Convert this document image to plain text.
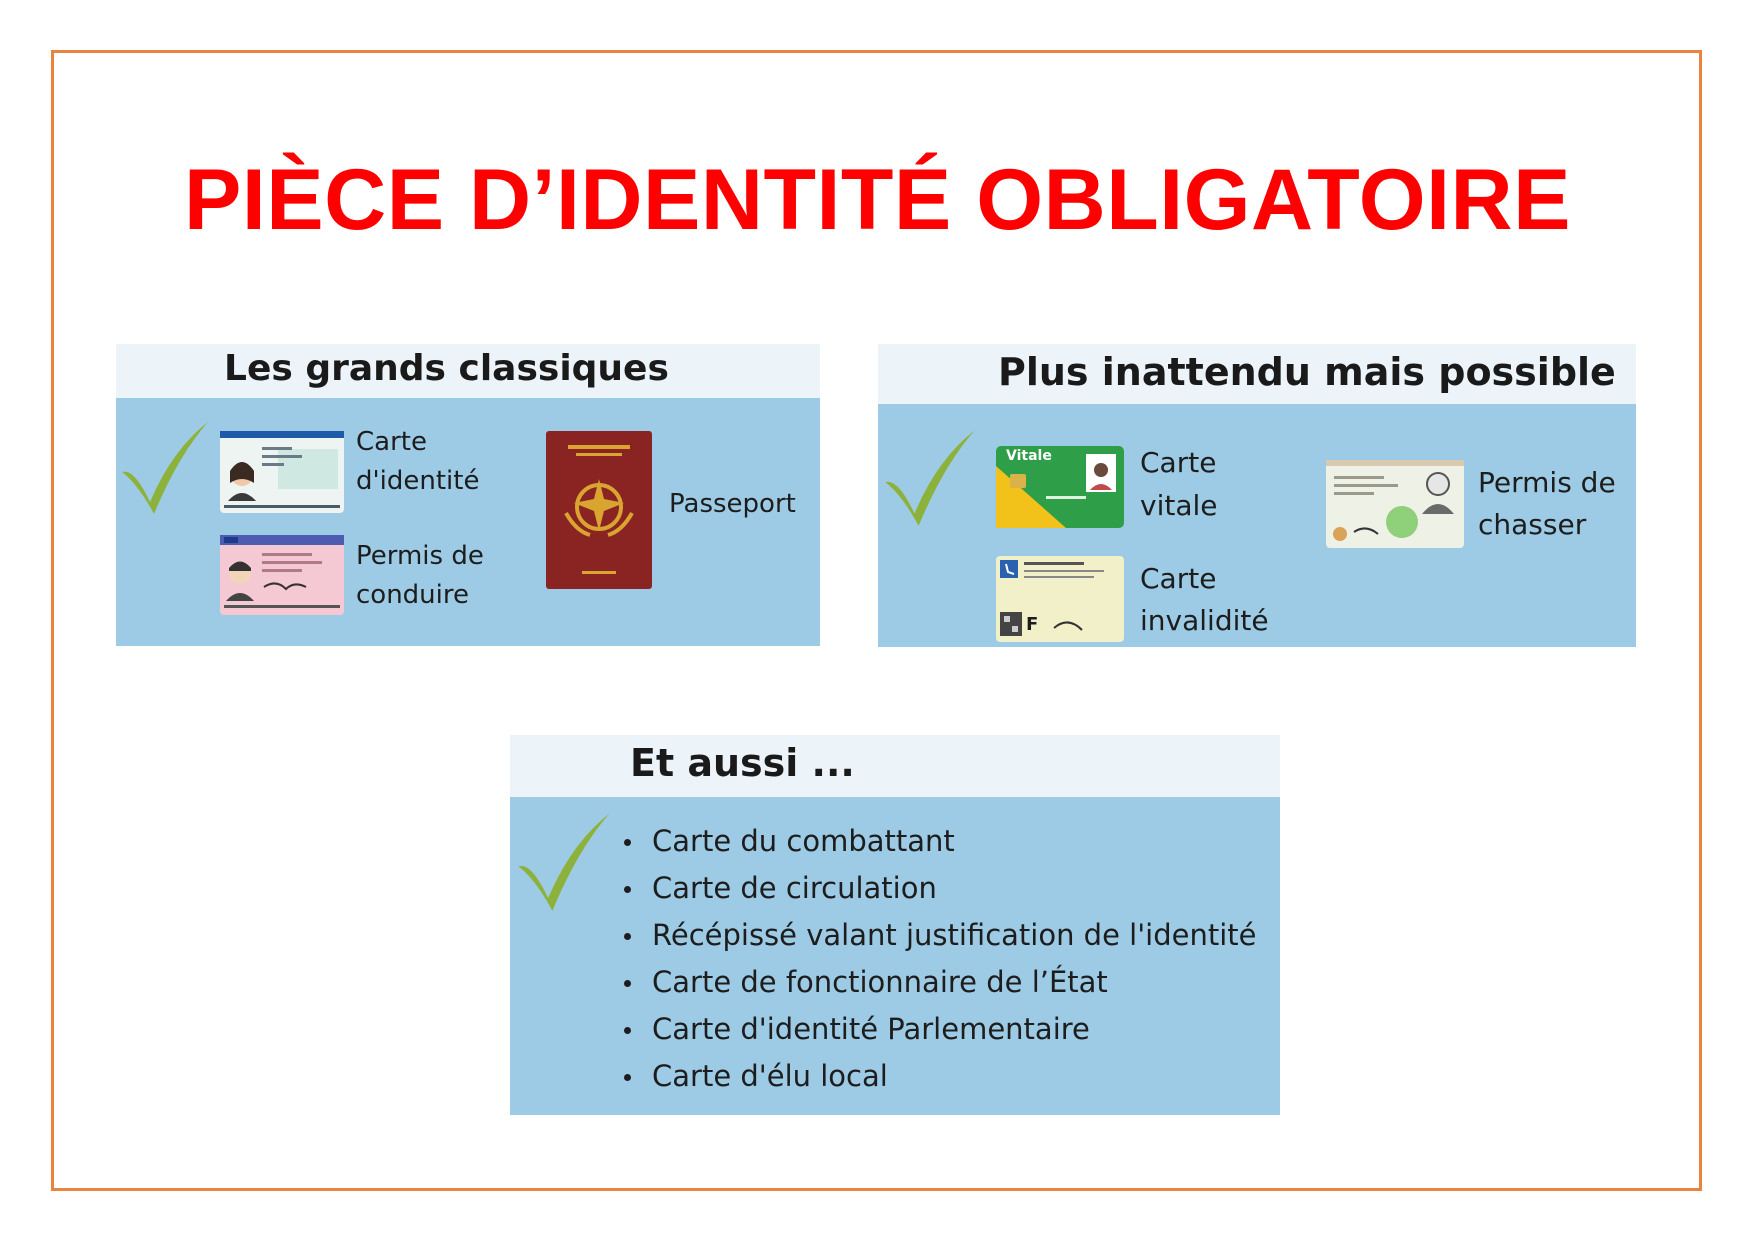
PIÈCE D’IDENTITÉ OBLIGATOIRE
Les grands classiques

Carte

d'identité

Permis de

conduire

Passeport

Plus inattendu mais possible
Vitale	Carte

vitale

F

Carte

invalidité

Permis de

chasser

Et aussi ...
Carte du combattant
Carte de circulation
Récépissé valant justification de l'identité
Carte de fonctionnaire de l’État
Carte d'identité Parlementaire
Carte d'élu local
